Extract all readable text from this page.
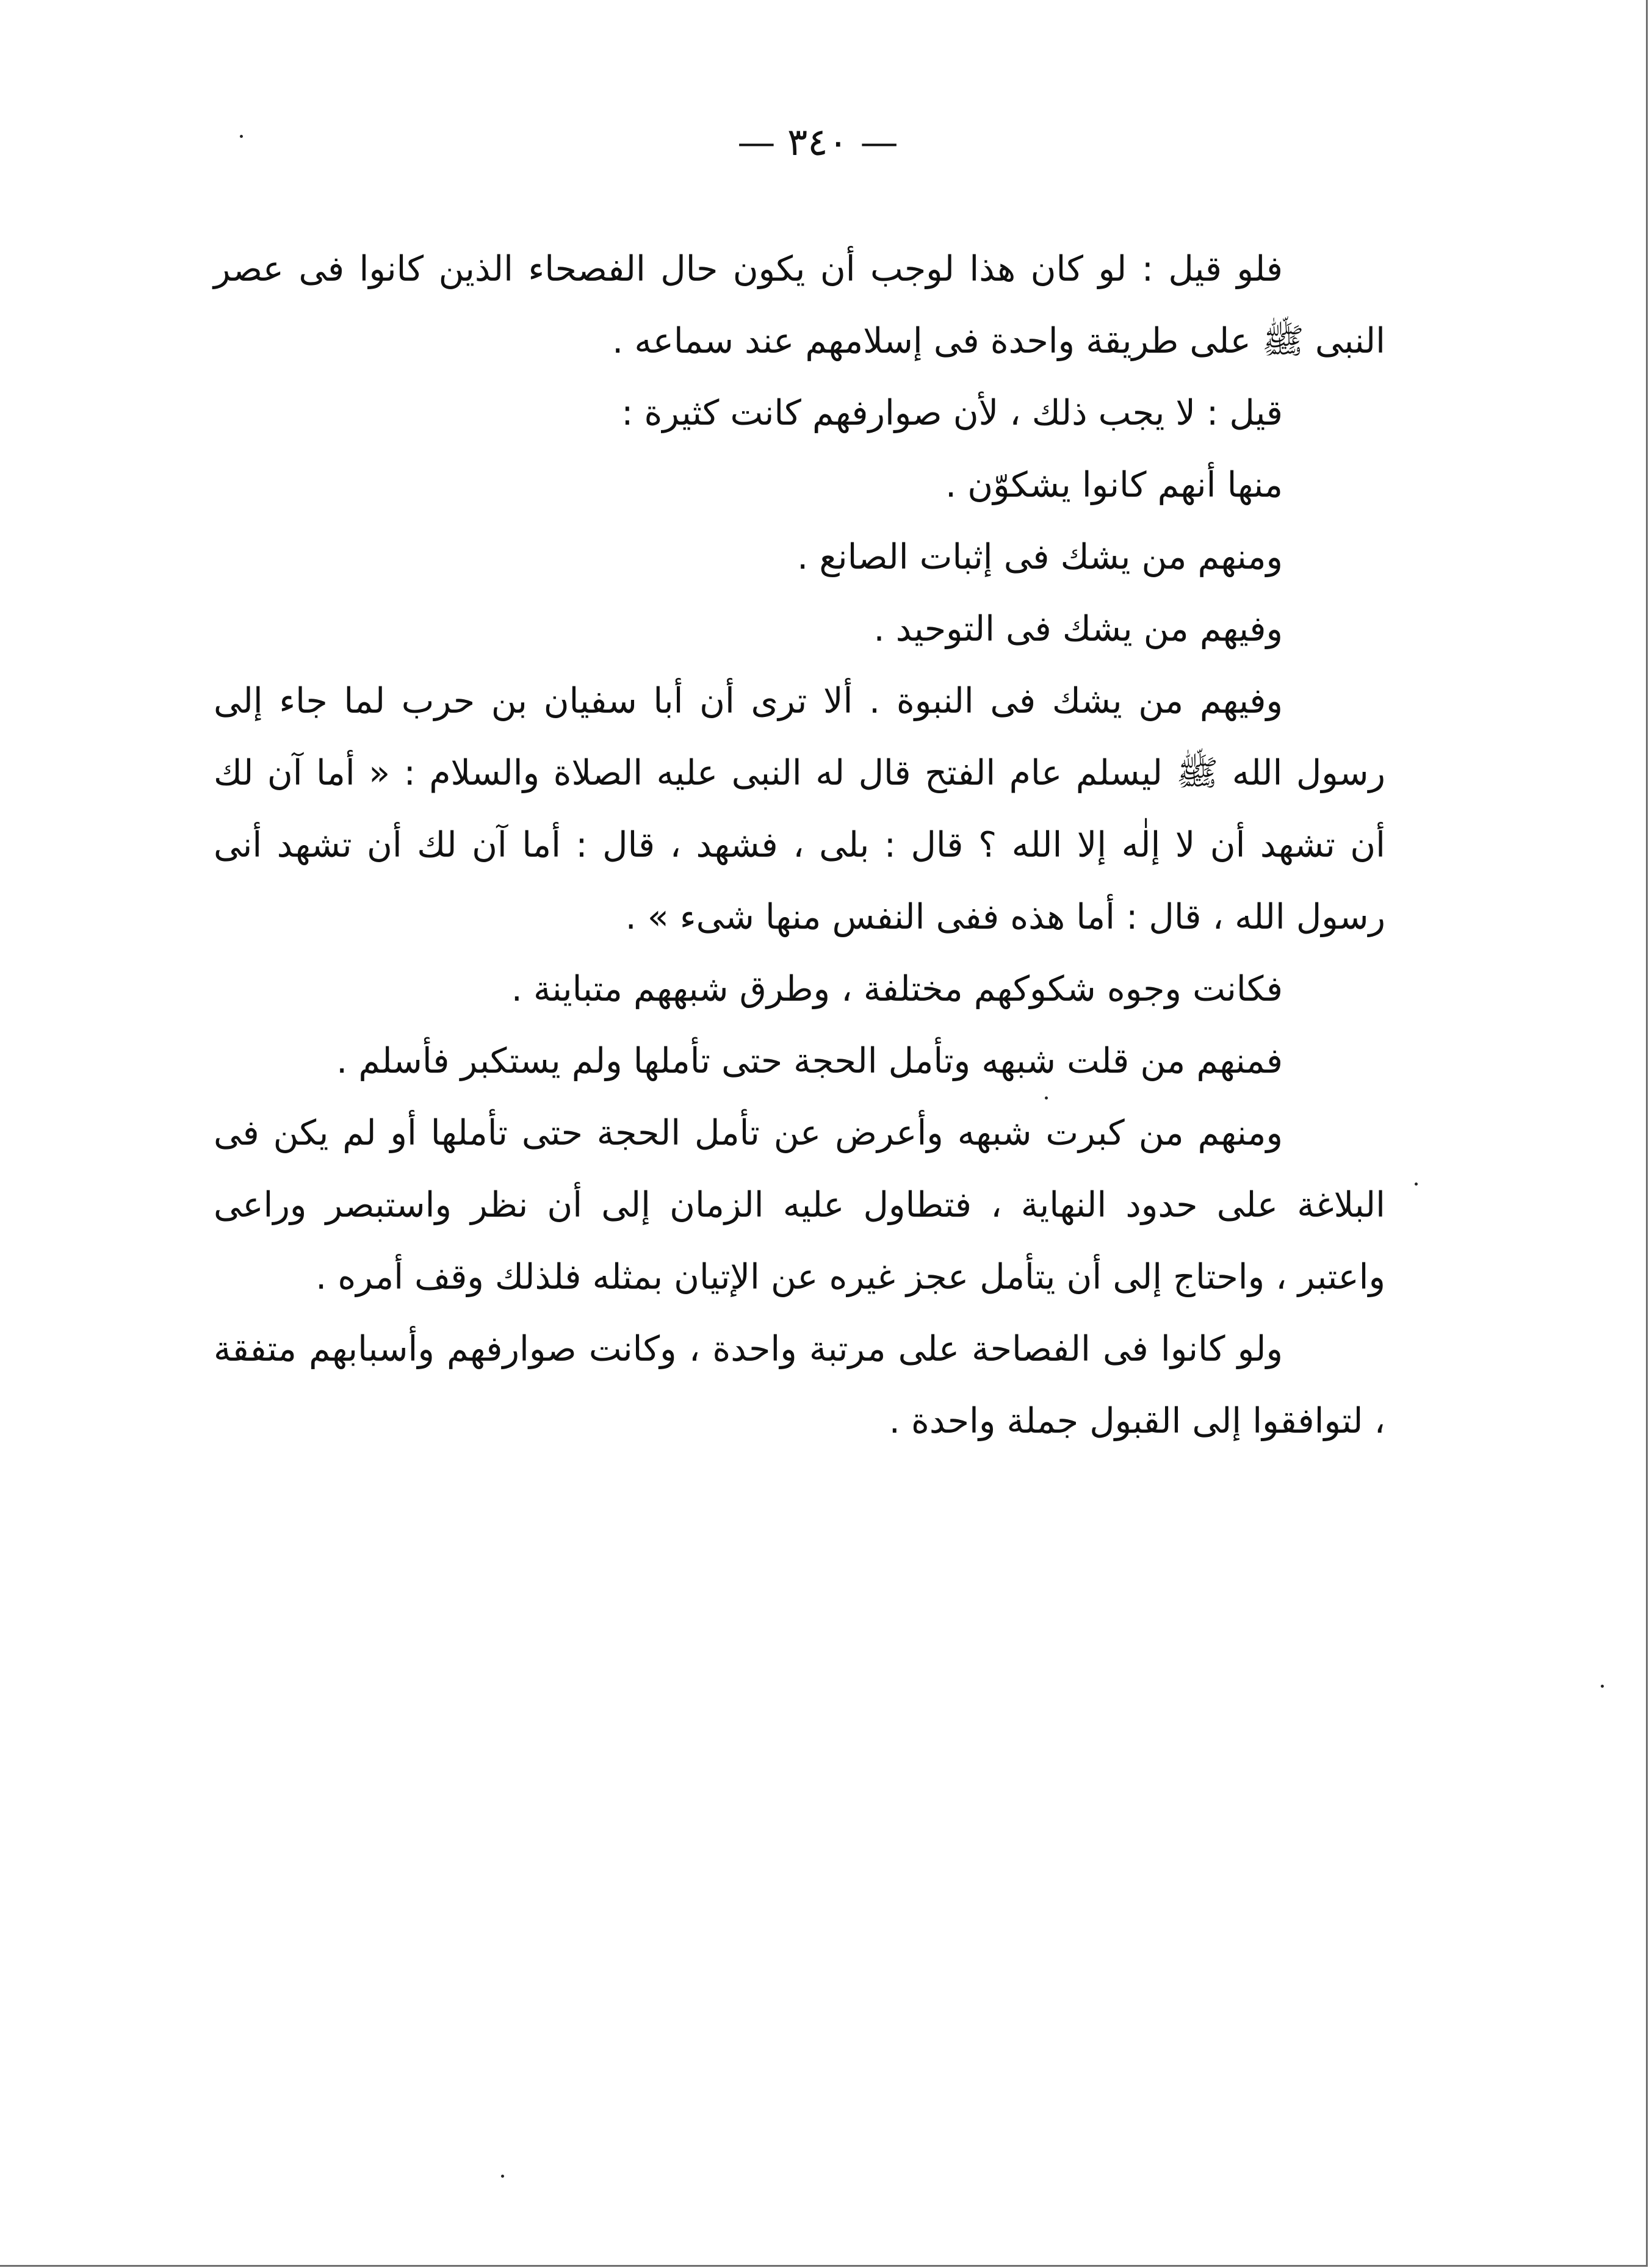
— ٣٤٠ —

فلو قيل : لو كان هذا لوجب أن يكون حال الفصحاء الذين كانوا فى عصر النبى ﷺ على طريقة واحدة فى إسلامهم عند سماعه .

قيل : لا يجب ذلك ، لأن صوارفهم كانت كثيرة :

منها أنهم كانوا يشكوّن .

ومنهم من يشك فى إثبات الصانع .

وفيهم من يشك فى التوحيد .

وفيهم من يشك فى النبوة . ألا ترى أن أبا سفيان بن حرب لما جاء إلى رسول الله ﷺ ليسلم عام الفتح قال له النبى عليه الصلاة والسلام : « أما آن لك أن تشهد أن لا إلٰه إلا الله ؟ قال : بلى ، فشهد ، قال : أما آن لك أن تشهد أنى رسول الله ، قال : أما هذه ففى النفس منها شىء » .

فكانت وجوه شكوكهم مختلفة ، وطرق شبههم متباينة .

فمنهم من قلت شبهه وتأمل الحجة حتى تأملها ولم يستكبر فأسلم .

ومنهم من كبرت شبهه وأعرض عن تأمل الحجة حتى تأملها أو لم يكن فى البلاغة على حدود النهاية ، فتطاول عليه الزمان إلى أن نظر واستبصر وراعى واعتبر ، واحتاج إلى أن يتأمل عجز غيره عن الإتيان بمثله فلذلك وقف أمره .

ولو كانوا فى الفصاحة على مرتبة واحدة ، وكانت صوارفهم وأسبابهم متفقة ، لتوافقوا إلى القبول جملة واحدة .
